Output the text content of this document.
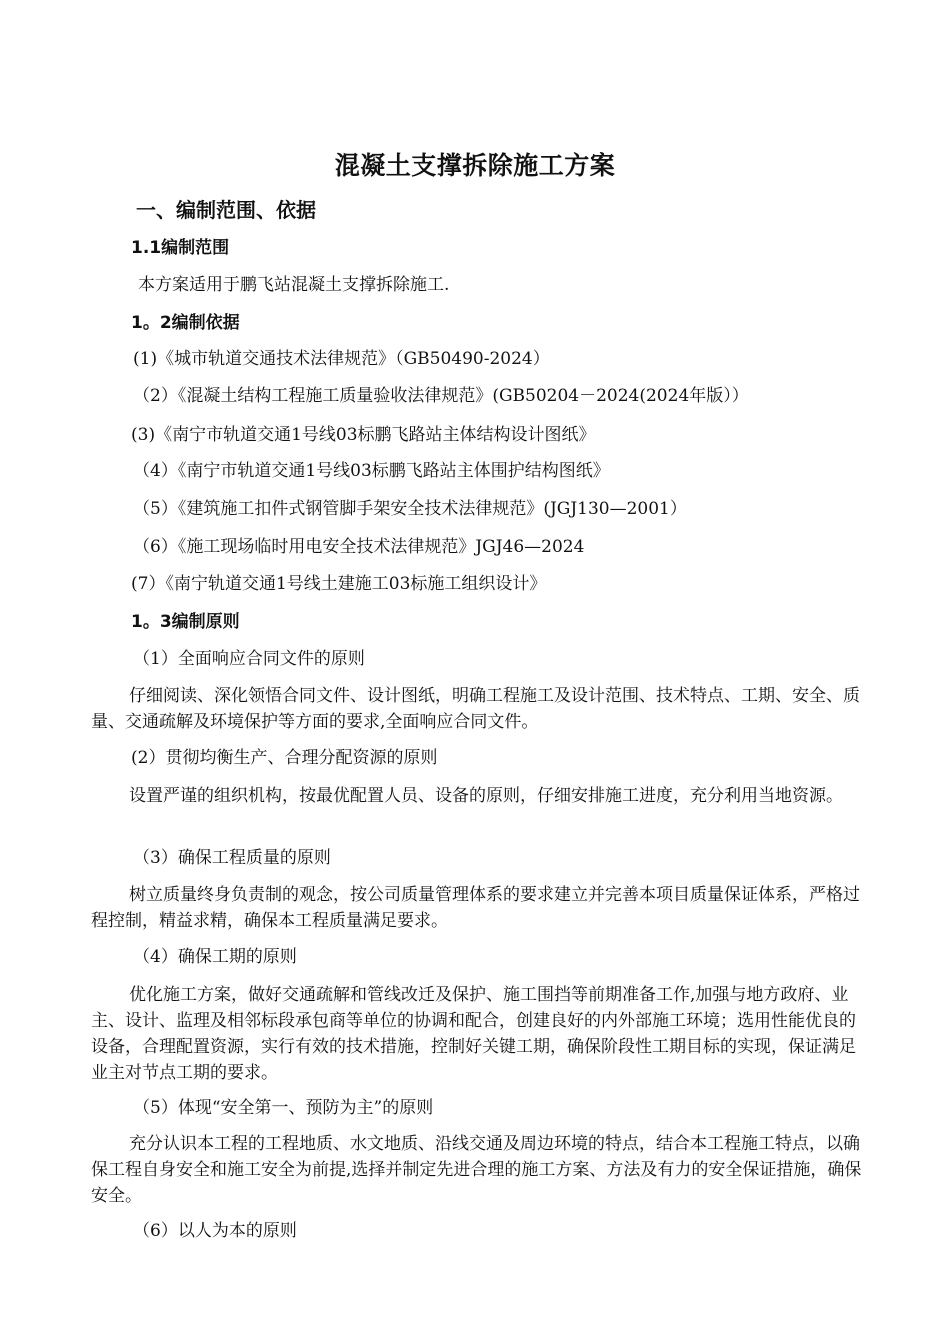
混凝土支撑拆除施工方案
一、编制范围、依据
1.1编制范围
本方案适用于鹏飞站混凝土支撑拆除施工.
1。2编制依据
(1)《城市轨道交通技术法律规范》（GB50490-2024）
（2）《混凝土结构工程施工质量验收法律规范》(GB50204－2024(2024年版））
(3)《南宁市轨道交通1号线03标鹏飞路站主体结构设计图纸》
（4）《南宁市轨道交通1号线03标鹏飞路站主体围护结构图纸》
（5）《建筑施工扣件式钢管脚手架安全技术法律规范》(JGJ130—2001）
（6）《施工现场临时用电安全技术法律规范》JGJ46—2024
(7）《南宁轨道交通1号线土建施工03标施工组织设计》
1。3编制原则
（1）全面响应合同文件的原则
仔细阅读、深化领悟合同文件、设计图纸，明确工程施工及设计范围、技术特点、工期、安全、质量、交通疏解及环境保护等方面的要求,全面响应合同文件。
(2）贯彻均衡生产、合理分配资源的原则
设置严谨的组织机构，按最优配置人员、设备的原则，仔细安排施工进度，充分利用当地资源。
（3）确保工程质量的原则
树立质量终身负责制的观念，按公司质量管理体系的要求建立并完善本项目质量保证体系，严格过程控制，精益求精，确保本工程质量满足要求。
（4）确保工期的原则
优化施工方案，做好交通疏解和管线改迁及保护、施工围挡等前期准备工作,加强与地方政府、业主、设计、监理及相邻标段承包商等单位的协调和配合，创建良好的内外部施工环境；选用性能优良的设备，合理配置资源，实行有效的技术措施，控制好关键工期，确保阶段性工期目标的实现，保证满足业主对节点工期的要求。
（5）体现“安全第一、预防为主”的原则
充分认识本工程的工程地质、水文地质、沿线交通及周边环境的特点，结合本工程施工特点，以确保工程自身安全和施工安全为前提,选择并制定先进合理的施工方案、方法及有力的安全保证措施，确保安全。
（6）以人为本的原则
